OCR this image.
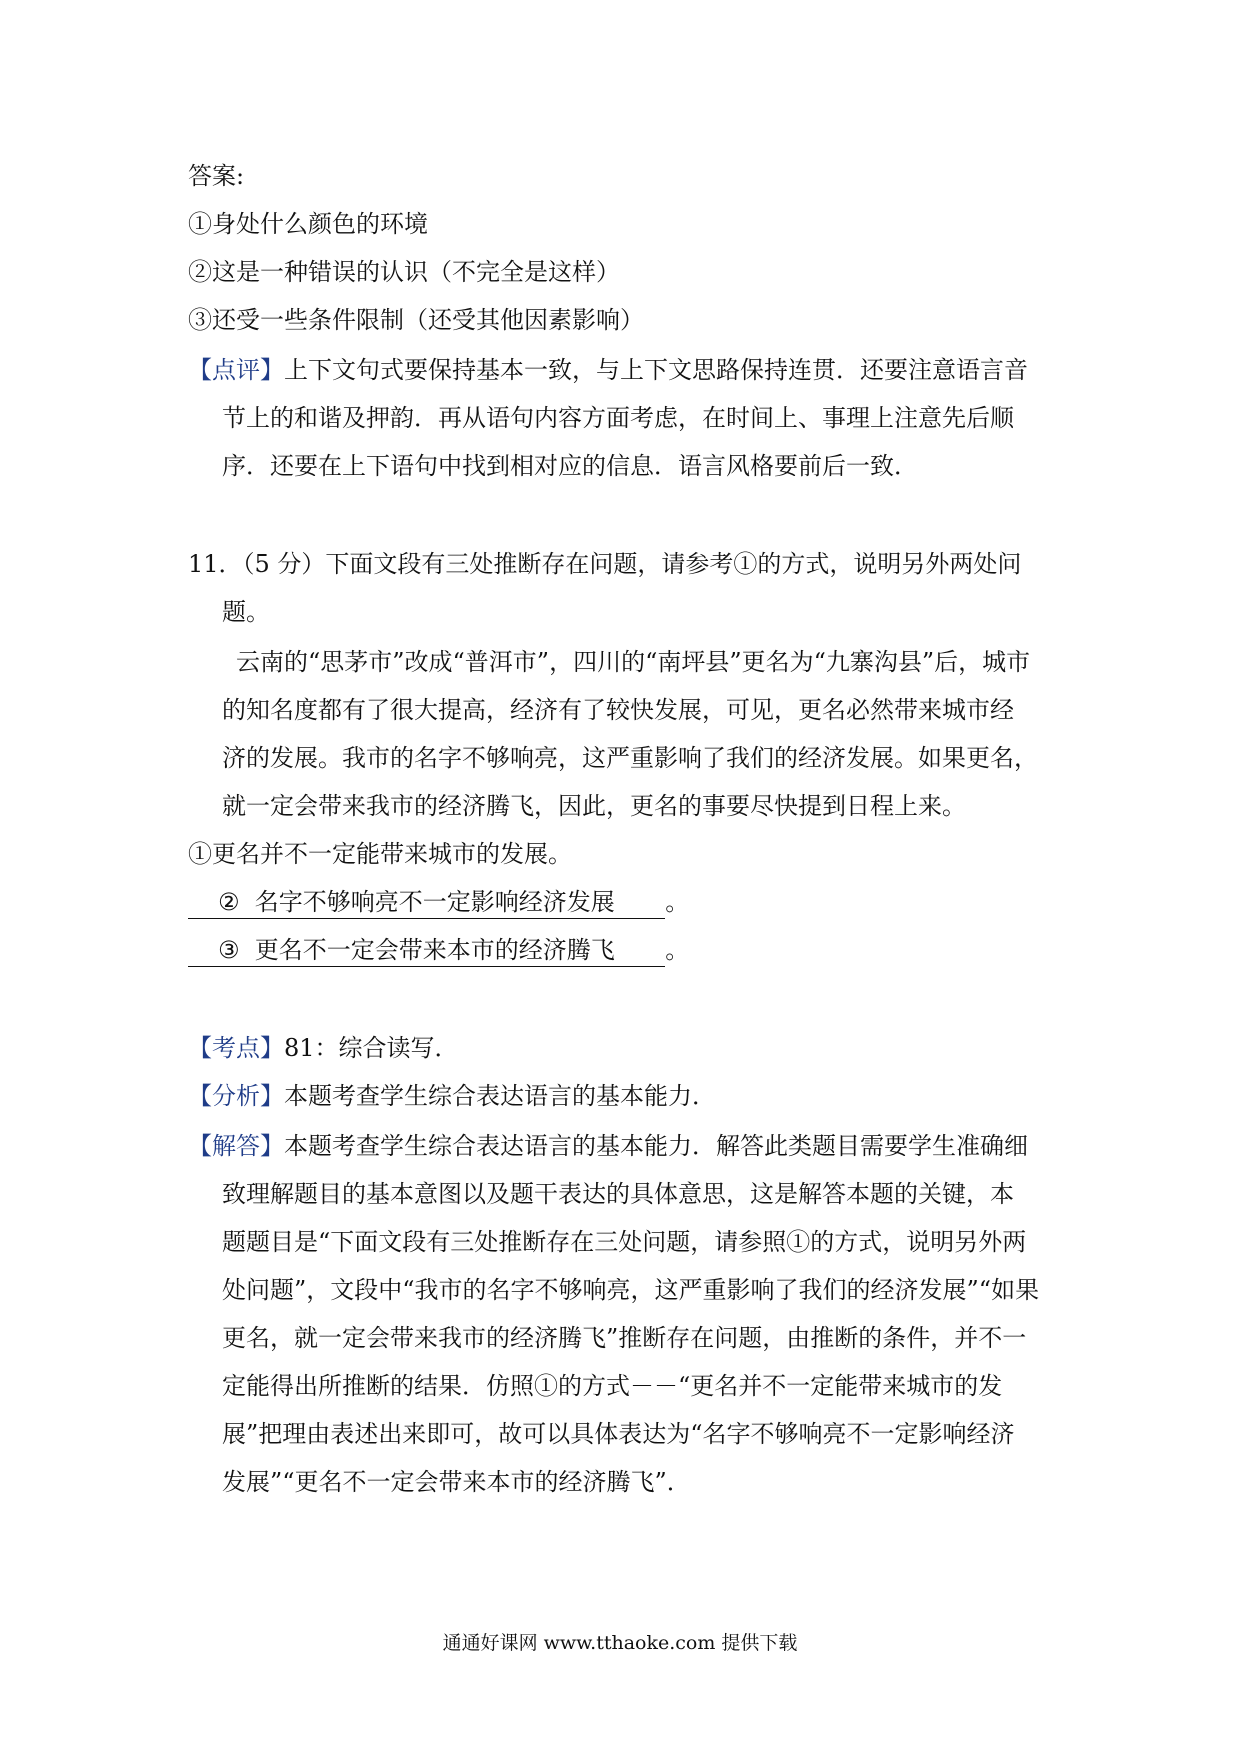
答案:
①身处什么颜色的环境
②这是一种错误的认识（不完全是这样）
③还受一些条件限制（还受其他因素影响）
【点评】上下文句式要保持基本一致，与上下文思路保持连贯．还要注意语言音
节上的和谐及押韵．再从语句内容方面考虑，在时间上、事理上注意先后顺
序．还要在上下语句中找到相对应的信息．语言风格要前后一致．
11．（5 分）下面文段有三处推断存在问题，请参考①的方式，说明另外两处问
题。
云南的“思茅市”改成“普洱市”，四川的“南坪县”更名为“九寨沟县”后，城市
的知名度都有了很大提高，经济有了较快发展，可见，更名必然带来城市经
济的发展。我市的名字不够响亮，这严重影响了我们的经济发展。如果更名，
就一定会带来我市的经济腾飞，因此，更名的事要尽快提到日程上来。
①更名并不一定能带来城市的发展。
② 名字不够响亮不一定影响经济发展 。
③ 更名不一定会带来本市的经济腾飞 。
【考点】81：综合读写．
【分析】本题考查学生综合表达语言的基本能力．
【解答】本题考查学生综合表达语言的基本能力．解答此类题目需要学生准确细
致理解题目的基本意图以及题干表达的具体意思，这是解答本题的关键，本
题题目是“下面文段有三处推断存在三处问题，请参照①的方式，说明另外两
处问题”，文段中“我市的名字不够响亮，这严重影响了我们的经济发展”“如果
更名，就一定会带来我市的经济腾飞”推断存在问题，由推断的条件，并不一
定能得出所推断的结果．仿照①的方式－－“更名并不一定能带来城市的发
展”把理由表述出来即可，故可以具体表达为“名字不够响亮不一定影响经济
发展”“更名不一定会带来本市的经济腾飞”．
通通好课网 www.tthaoke.com 提供下载
